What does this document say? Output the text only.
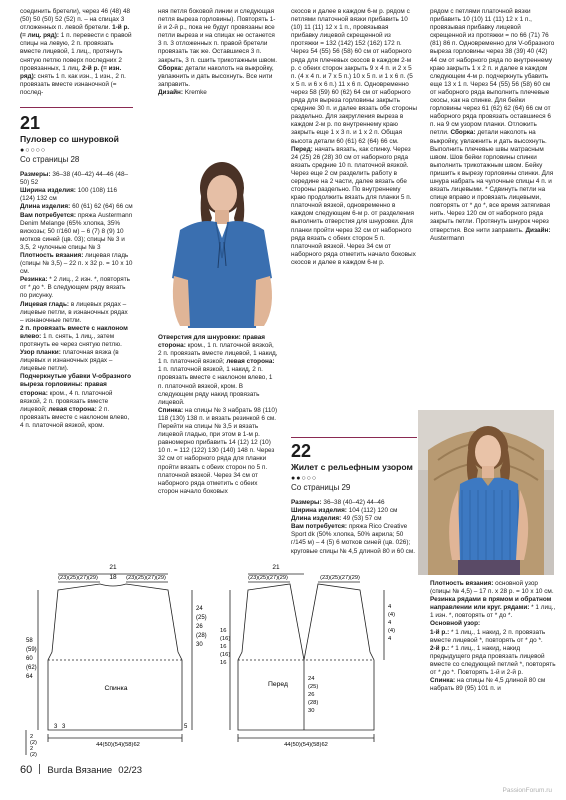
соединить бретели), через 46 (48) 48 (50) 50 (50) 52 (52) п. – на спицах 3 отложенных п. левой бретели. 1-й р. (= лиц. ряд): 1 п. перевести с правой спицы на левую, 2 п. провязать вместе лицевой, 1 лиц., протянуть снятую петлю поверх последних 2 провязанных, 1 лиц. 2-й р. (= изн. ряд): снять 1 п. как изн., 1 изн., 2 п. провязать вместе изнаночной (= послед-

21
Пуловер со шнуровкой
●○○○○
Со страницы 28

Размеры: 36–38 (40–42) 44–46 (48–50) 52

Ширина изделия: 100 (108) 116 (124) 132 см

Длина изделия: 60 (61) 62 (64) 66 см

Вам потребуется: пряжа Austermann Denim Melange (65% хлопка, 35% вискозы; 50 г/160 м) – 6 (7) 8 (9) 10 мотков синей (цв. 03); спицы № 3 и 3,5, 2 чулочные спицы № 3

Плотность вязания: лицевая гладь (спицы № 3,5) – 22 п. х 32 р. = 10 х 10 см.

Резинка: * 2 лиц., 2 изн. *, повторять от * до *. В следующем ряду вязать по рисунку.

Лицевая гладь: в лицевых рядах – лицевые петли, в изнаночных рядах – изнаночные петли.

2 п. провязать вместе с наклоном влево: 1 п. снять, 1 лиц., затем протянуть ее через снятую петлю.

Узор планки: платочная вязка (в лицевых и изнаночных рядах – лицевые петли).

Подчеркнутые убавки V-образного выреза горловины: правая сторона: кром., 4 п. платочной вязкой, 2 п. провязать вместе лицевой; левая сторона: 2 п. провязать вместе с наклоном влево, 4 п. платочной вязкой, кром.

няя петля боковой линии и следующая петля выреза горловины). Повторять 1-й и 2-й р., пока не будут провязаны все петли выреза и на спицах не останется 3 п. 3 отложенных п. правой бретели провязать так же. Оставшиеся 3 п. закрыть, 3 п. сшить трикотажным швом. Сборка: детали наколоть на выкройку, увлажнить и дать высохнуть. Все нити заправить.
Дизайн: Kremke

Отверстия для шнуровки: правая сторона: кром., 1 п. платочной вязкой, 2 п. провязать вместе лицевой, 1 накид, 1 п. платочной вязкой; левая сторона: 1 п. платочной вязкой, 1 накид, 2 п. провязать вместе с наклоном влево, 1 п. платочной вязкой, кром. В следующем ряду накид провязать лицевой.

Спинка: на спицы № 3 набрать 98 (110) 118 (130) 138 п. и вязать резинкой 6 см. Перейти на спицы № 3,5 и вязать лицевой гладью, при этом в 1-м р. равномерно прибавить 14 (12) 12 (10) 10 п. = 112 (122) 130 (140) 148 п. Через 32 см от наборного ряда для планки пройти вязать с обеих сторон по 5 п. платочной вязкой. Через 34 см от наборного ряда отметить с обеих сторон начало боковых

скосов и далее в каждом 6-м р. рядом с петлями платочной вязки прибавить 10 (10) 11 (11) 12 х 1 п., провязывая прибавку лицевой скрещенной из протяжки = 132 (142) 152 (162) 172 п. Через 54 (55) 56 (58) 60 см от наборного ряда для плечевых скосов в каждом 2-м р. с обеих сторон закрыть 9 х 4 п. и 2 х 5 п. (4 х 4 п. и 7 х 5 п.) 10 х 5 п. и 1 х 6 п. (5 х 5 п. и 6 х 6 п.) 11 х 6 п. Одновременно через 58 (59) 60 (62) 64 см от наборного ряда для выреза горловины закрыть средние 30 п. и далее вязать обе стороны раздельно. Для закругления выреза в каждом 2-м р. по внутреннему краю закрыть еще 1 х 3 п. и 1 х 2 п. Общая высота детали 60 (61) 62 (64) 66 см. Перед: начать вязать, как спинку. Через 24 (25) 26 (28) 30 см от наборного ряда вязать средние 10 п. платочной вязкой. Через еще 2 см разделить работу в середине на 2 части, далее вязать обе стороны раздельно. По внутреннему краю продолжить вязать для планки 5 п. платочной вязкой, одновременно в каждом следующем 6-м р. от разделения выполнить отверстия для шнуровки. Для планки пройти через 32 см от наборного ряда вязать с обеих сторон 5 п. платочной вязкой. Через 34 см от наборного ряда отметить начало боковых скосов и далее в каждом 6-м р.

22
Жилет с рельефным узором
●●○○○
Со страницы 29

Размеры: 36–38 (40–42) 44–46

Ширина изделия: 104 (112) 120 см

Длина изделия: 49 (53) 57 см

Вам потребуется: пряжа Rico Creative Sport dk (50% хлопка, 50% акрила; 50 г/145 м) – 4 (5) 6 мотков синей (цв. 026); круговые спицы № 4,5 длиной 80 и 60 см.

рядом с петлями платочной вязки прибавить 10 (10) 11 (11) 12 х 1 п., провязывая прибавку лицевой скрещенной из протяжки = по 66 (71) 76 (81) 86 п. Одновременно для V-образного выреза горловины через 38 (39) 40 (42) 44 см от наборного ряда по внутреннему краю закрыть 1 х 2 п. и далее в каждом следующем 4-м р. подчеркнуть убавить еще 13 х 1 п. Через 54 (55) 56 (58) 60 см от наборного ряда выполнить плечевые скосы, как на спинке. Для бейки горловины через 61 (62) 62 (64) 66 см от наборного ряда провязать оставшиеся 6 п. на 9 см узором планки. Отложить петли. Сборка: детали наколоть на выкройку, увлажнить и дать высохнуть. Выполнить плечевые швы матрасным швом. Шов бейки горловины спинки выполнить трикотажным швом. Бейку пришить к вырезу горловины спинки. Для шнура набрать на чулочные спицы 4 п. и вязать лицевыми. * Сдвинуть петли на спице вправо и провязать лицевыми, повторять от * до *, все время затягивая нить. Через 120 см от наборного ряда закрыть петли. Протянуть шнурок через отверстия. Все нити заправить. Дизайн: Austermann

Плотность вязания: основной узор (спицы № 4,5) – 17 п. х 28 р. = 10 х 10 см.

Резинка рядами в прямом и обратном направлении или круг. рядами: * 1 лиц., 1 изн. *, повторять от * до *.

Основной узор:

1-й р.: * 1 лиц., 1 накид, 2 п. провязать вместе лицевой *, повторять от * до *.

2-й р.: * 1 лиц., 1 накид, накид предыдущего ряда провязать лицевой вместе со следующей петлей *, повторять от * до *. Повторять 1-й и 2-й р.

Спинка: на спицы № 4,5 длиной 80 см набрать 89 (95) 101 п. и

21
(23)(25)(27)(29) 18 (23)(25)(27)(29)
Спинка
58
(59)
60
(62)
64
24
(25)
26
(28)
30
3 3
44(50)(54)(58)62
5
2
(2)
2
(2)
21
(23)(25)(27)(29)	(23)(25)(27)(29)
Перед
16
(16)
16
(16)
16
4
(4)
4
(4)
4
24
(25)
26
(28)
30
44(50)(54)(58)62
60 Burda Вязание 02/23
PassionForum.ru
